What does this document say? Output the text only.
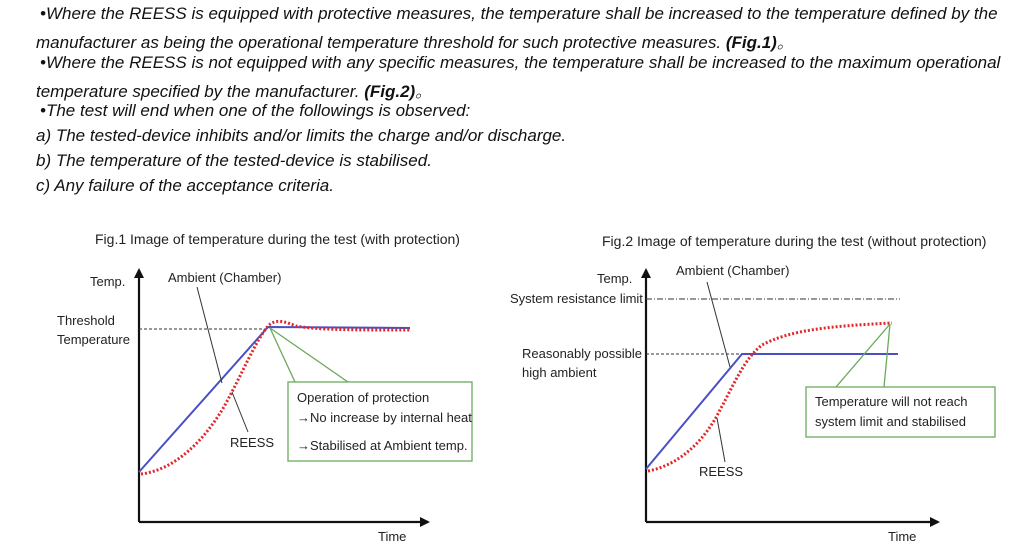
•Where the REESS is equipped with protective measures, the temperature shall be increased to the temperature defined by the
manufacturer as being the operational temperature threshold for such protective measures. (Fig.1)。
•Where the REESS is not equipped with any specific measures, the temperature shall be increased to the maximum operational
temperature specified by the manufacturer. (Fig.2)。
•The test will end when one of the followings is observed:
a) The tested-device inhibits and/or limits the charge and/or discharge.
b) The temperature of the tested-device is stabilised.
c) Any failure of the acceptance criteria.
Fig.1 Image of temperature during the test (with protection)
Temp.
Time
Threshold
Temperature
Ambient (Chamber)
REESS
Operation of protection
→No increase by internal heat
→Stabilised at Ambient temp.
Fig.2 Image of temperature during the test (without protection)
Temp.
Time
System resistance limit
Reasonably possible
high ambient
Ambient (Chamber)
REESS
Temperature will not reach
system limit and stabilised
